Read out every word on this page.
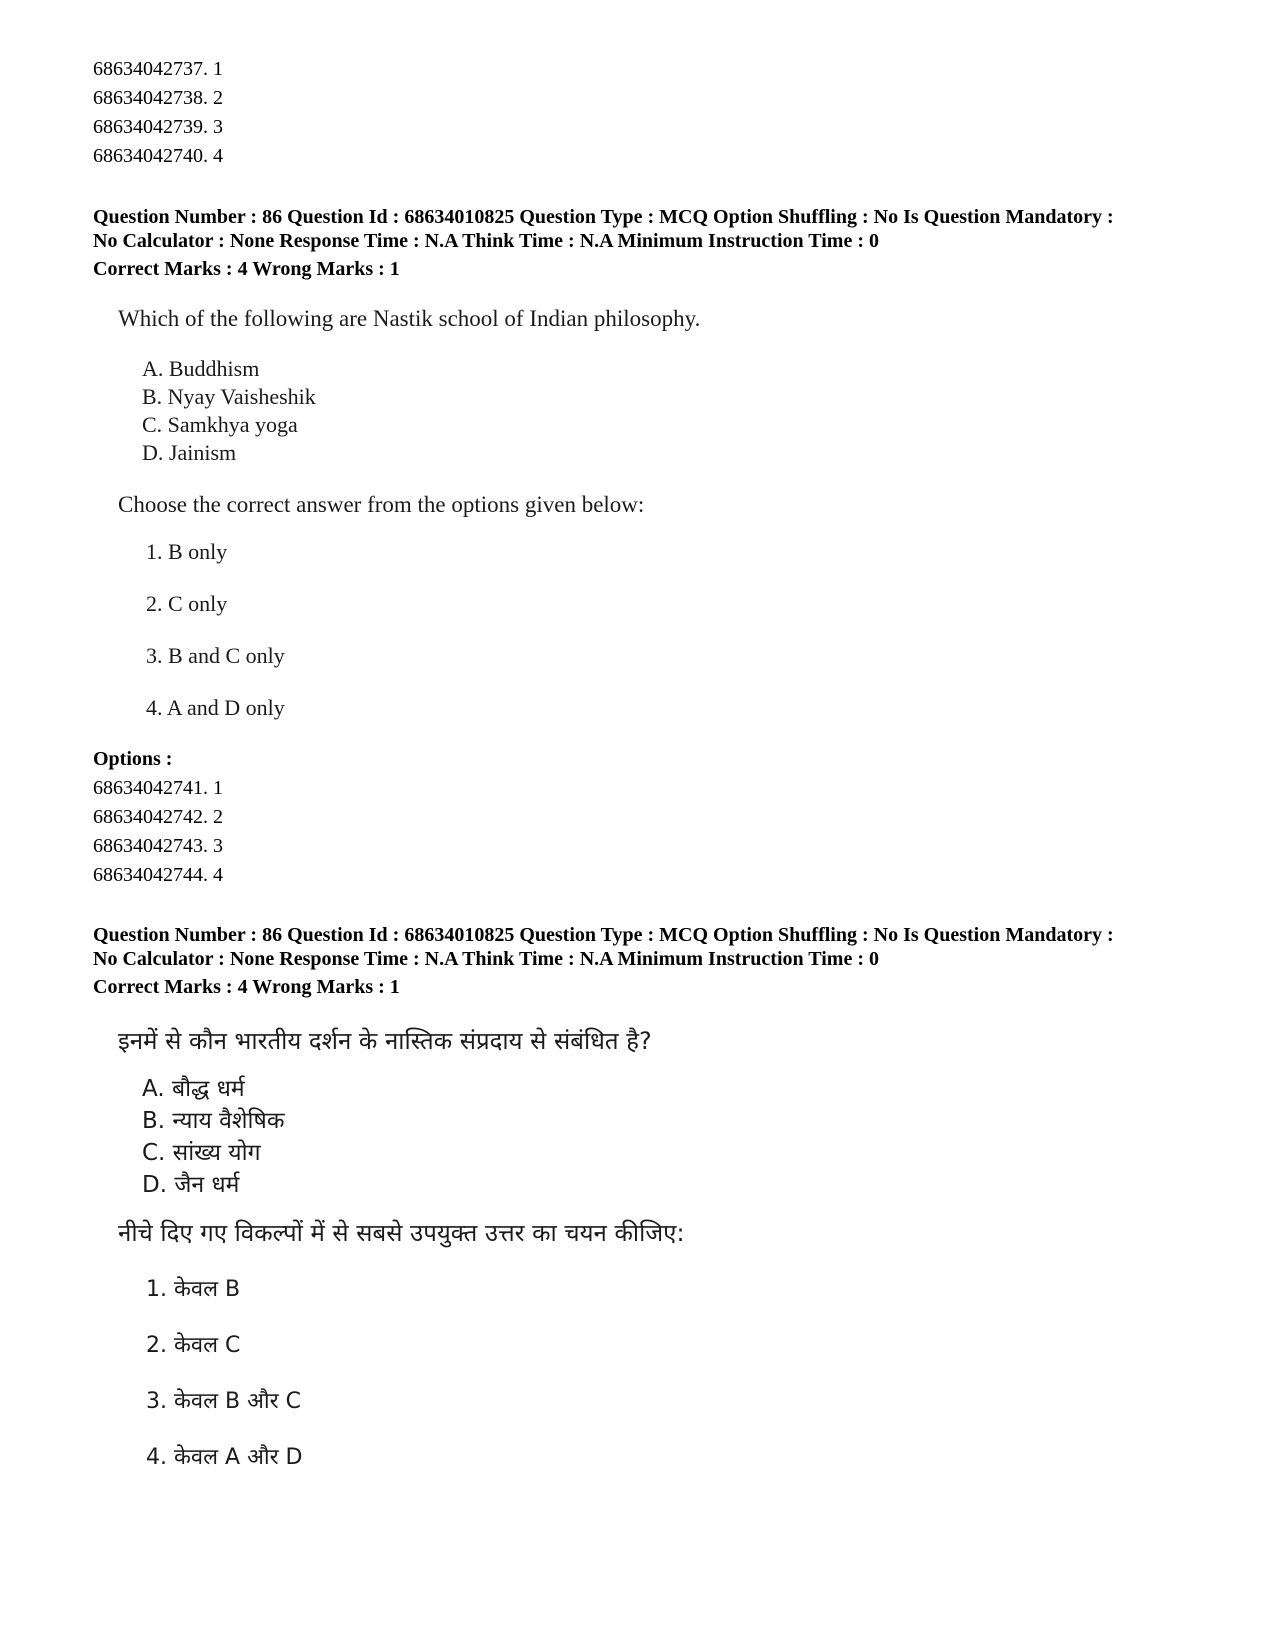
68634042737. 1
68634042738. 2
68634042739. 3
68634042740. 4
Question Number : 86 Question Id : 68634010825 Question Type : MCQ Option Shuffling : No Is Question Mandatory :
No Calculator : None Response Time : N.A Think Time : N.A Minimum Instruction Time : 0
Correct Marks : 4 Wrong Marks : 1
Which of the following are Nastik school of Indian philosophy.
A. Buddhism
B. Nyay Vaisheshik
C. Samkhya yoga
D. Jainism
Choose the correct answer from the options given below:
1. B only
2. C only
3. B and C only
4. A and D only
Options :
68634042741. 1
68634042742. 2
68634042743. 3
68634042744. 4
Question Number : 86 Question Id : 68634010825 Question Type : MCQ Option Shuffling : No Is Question Mandatory :
No Calculator : None Response Time : N.A Think Time : N.A Minimum Instruction Time : 0
Correct Marks : 4 Wrong Marks : 1
इनमें से कौन भारतीय दर्शन के नास्तिक संप्रदाय से संबंधित है?
A. बौद्ध धर्म
B. न्याय वैशेषिक
C. सांख्य योग
D. जैन धर्म
नीचे दिए गए विकल्पों में से सबसे उपयुक्त उत्तर का चयन कीजिए:
1. केवल B
2. केवल C
3. केवल B और C
4. केवल A और D
